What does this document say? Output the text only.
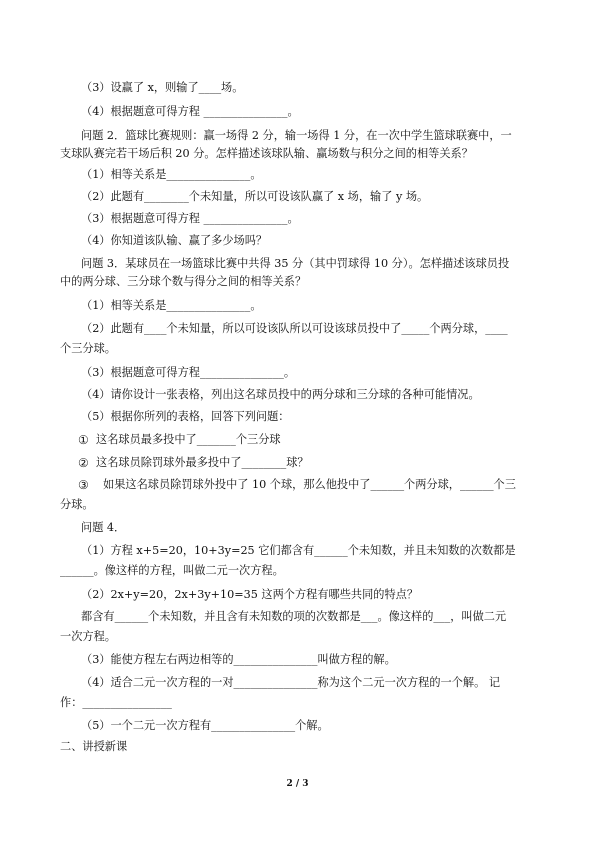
（3）设赢了 x，则输了____场。
（4）根据题意可得方程 _______________。
问题 2．篮球比赛规则：赢一场得 2 分，输一场得 1 分，在一次中学生篮球联赛中，一
支球队赛完若干场后积 20 分。怎样描述该球队输、赢场数与积分之间的相等关系？
（1）相等关系是_______________。
（2）此题有________个未知量，所以可设该队赢了 x 场，输了 y 场。
（3）根据题意可得方程 _______________。
（4）你知道该队输、赢了多少场吗？
问题 3．某球员在一场篮球比赛中共得 35 分（其中罚球得 10 分）。怎样描述该球员投
中的两分球、三分球个数与得分之间的相等关系？
（1）相等关系是_______________。
（2）此题有____个未知量，所以可设该队所以可设该球员投中了_____个两分球，____
个三分球。
（3）根据题意可得方程_______________。
（4）请你设计一张表格，列出这名球员投中的两分球和三分球的各种可能情况。
（5）根据你所列的表格，回答下列问题：
① 这名球员最多投中了_______个三分球
② 这名球员除罚球外最多投中了________球？
③ 如果这名球员除罚球外投中了 10 个球，那么他投中了______个两分球，______个三
分球。
问题 4．
（1）方程 x+5=20，10+3y=25 它们都含有______个未知数，并且未知数的次数都是
______。像这样的方程，叫做二元一次方程。
（2）2x+y=20，2x+3y+10=35 这两个方程有哪些共同的特点？
都含有______个未知数，并且含有未知数的项的次数都是___。像这样的___，叫做二元
一次方程。
（3）能使方程左右两边相等的_______________叫做方程的解。
（4）适合二元一次方程的一对_______________称为这个二元一次方程的一个解。 记
作：________________
（5）一个二元一次方程有_______________个解。
二、讲授新课
2 / 3
